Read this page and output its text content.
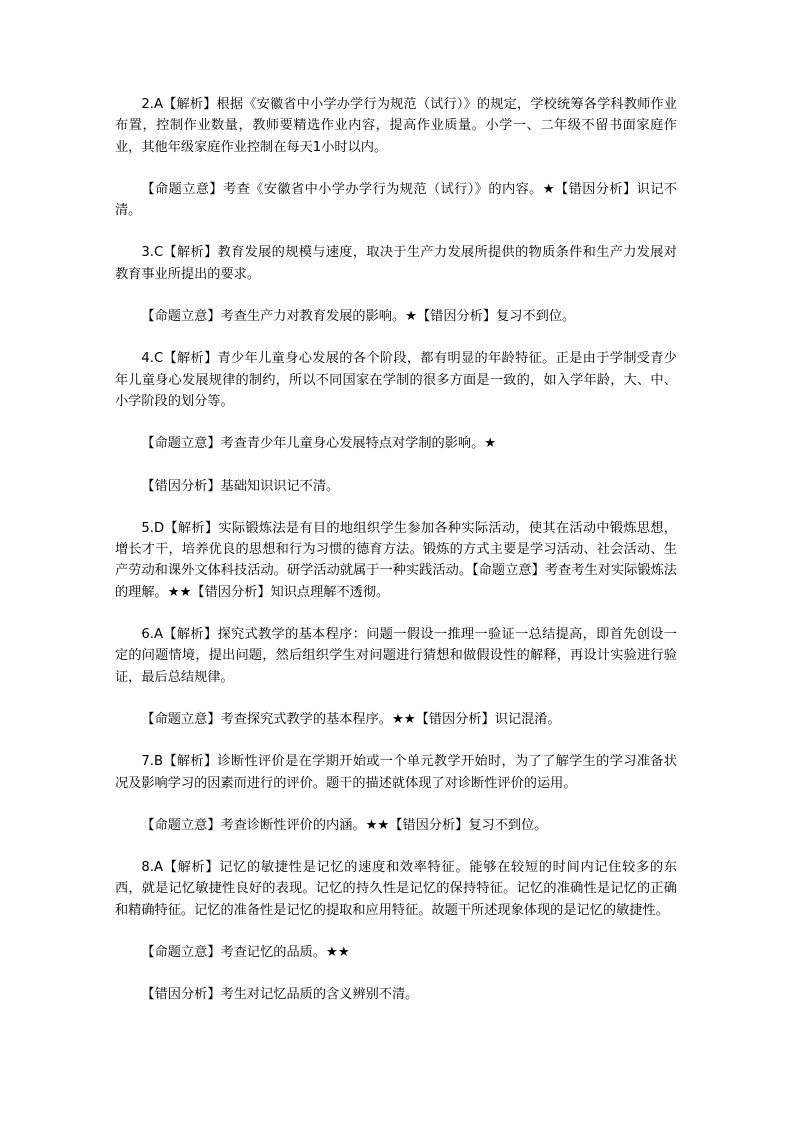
2.A【解析】根据《安徽省中小学办学行为规范（试行）》的规定，学校统筹各学科教师作业布置，控制作业数量，教师要精选作业内容，提高作业质量。小学一、二年级不留书面家庭作业，其他年级家庭作业控制在每天1小时以内。

【命题立意】考查《安徽省中小学办学行为规范（试行）》的内容。★【错因分析】识记不清。

3.C【解析】教育发展的规模与速度，取决于生产力发展所提供的物质条件和生产力发展对教育事业所提出的要求。

【命题立意】考查生产力对教育发展的影响。★【错因分析】复习不到位。

4.C【解析】青少年儿童身心发展的各个阶段，都有明显的年龄特征。正是由于学制受青少年儿童身心发展规律的制约，所以不同国家在学制的很多方面是一致的，如入学年龄，大、中、小学阶段的划分等。

【命题立意】考查青少年儿童身心发展特点对学制的影响。★

【错因分析】基础知识识记不清。

5.D【解析】实际锻炼法是有目的地组织学生参加各种实际活动，使其在活动中锻炼思想，增长才干，培养优良的思想和行为习惯的德育方法。锻炼的方式主要是学习活动、社会活动、生产劳动和课外文体科技活动。研学活动就属于一种实践活动。【命题立意】考查考生对实际锻炼法的理解。★★【错因分析】知识点理解不透彻。

6.A【解析】探究式教学的基本程序：问题一假设一推理一验证一总结提高，即首先创设一定的问题情境，提出问题，然后组织学生对问题进行猜想和做假设性的解释，再设计实验进行验证，最后总结规律。

【命题立意】考查探究式教学的基本程序。★★【错因分析】识记混淆。

7.B【解析】诊断性评价是在学期开始或一个单元教学开始时，为了了解学生的学习准备状况及影响学习的因素而进行的评价。题干的描述就体现了对诊断性评价的运用。

【命题立意】考查诊断性评价的内涵。★★【错因分析】复习不到位。

8.A【解析】记忆的敏捷性是记忆的速度和效率特征。能够在较短的时间内记住较多的东西，就是记忆敏捷性良好的表现。记忆的持久性是记忆的保持特征。记忆的准确性是记忆的正确和精确特征。记忆的准备性是记忆的提取和应用特征。故题干所述现象体现的是记忆的敏捷性。

【命题立意】考查记忆的品质。★★

【错因分析】考生对记忆品质的含义辨别不清。
